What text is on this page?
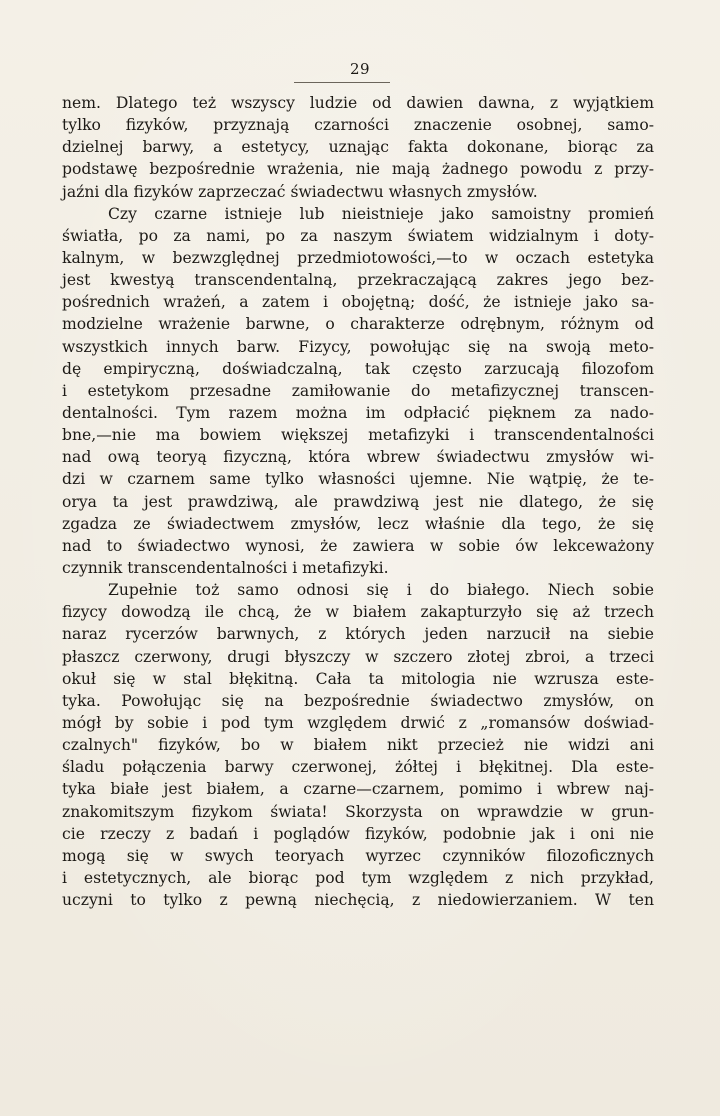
29
nem. Dlatego też wszyscy ludzie od dawien dawna, z wyjątkiem
tylko fizyków, przyznają czarności znaczenie osobnej, samo-
dzielnej barwy, a estetycy, uznając fakta dokonane, biorąc za
podstawę bezpośrednie wrażenia, nie mają żadnego powodu z przy-
jaźni dla fizyków zaprzeczać świadectwu własnych zmysłów.
Czy czarne istnieje lub nieistnieje jako samoistny promień
światła, po za nami, po za naszym światem widzialnym i doty-
kalnym, w bezwzględnej przedmiotowości,—to w oczach estetyka
jest kwestyą transcendentalną, przekraczającą zakres jego bez-
pośrednich wrażeń, a zatem i obojętną; dość, że istnieje jako sa-
modzielne wrażenie barwne, o charakterze odrębnym, różnym od
wszystkich innych barw. Fizycy, powołując się na swoją meto-
dę empiryczną, doświadczalną, tak często zarzucają filozofom
i estetykom przesadne zamiłowanie do metafizycznej transcen-
dentalności. Tym razem można im odpłacić pięknem za nado-
bne,—nie ma bowiem większej metafizyki i transcendentalności
nad ową teoryą fizyczną, która wbrew świadectwu zmysłów wi-
dzi w czarnem same tylko własności ujemne. Nie wątpię, że te-
orya ta jest prawdziwą, ale prawdziwą jest nie dlatego, że się
zgadza ze świadectwem zmysłów, lecz właśnie dla tego, że się
nad to świadectwo wynosi, że zawiera w sobie ów lekceważony
czynnik transcendentalności i metafizyki.
Zupełnie toż samo odnosi się i do białego. Niech sobie
fizycy dowodzą ile chcą, że w białem zakapturzyło się aż trzech
naraz rycerzów barwnych, z których jeden narzucił na siebie
płaszcz czerwony, drugi błyszczy w szczero złotej zbroi, a trzeci
okuł się w stal błękitną. Cała ta mitologia nie wzrusza este-
tyka. Powołując się na bezpośrednie świadectwo zmysłów, on
mógł by sobie i pod tym względem drwić z „romansów doświad-
czalnych" fizyków, bo w białem nikt przecież nie widzi ani
śladu połączenia barwy czerwonej, żółtej i błękitnej. Dla este-
tyka białe jest białem, a czarne—czarnem, pomimo i wbrew naj-
znakomitszym fizykom świata! Skorzysta on wprawdzie w grun-
cie rzeczy z badań i poglądów fizyków, podobnie jak i oni nie
mogą się w swych teoryach wyrzec czynników filozoficznych
i estetycznych, ale biorąc pod tym względem z nich przykład,
uczyni to tylko z pewną niechęcią, z niedowierzaniem. W ten
